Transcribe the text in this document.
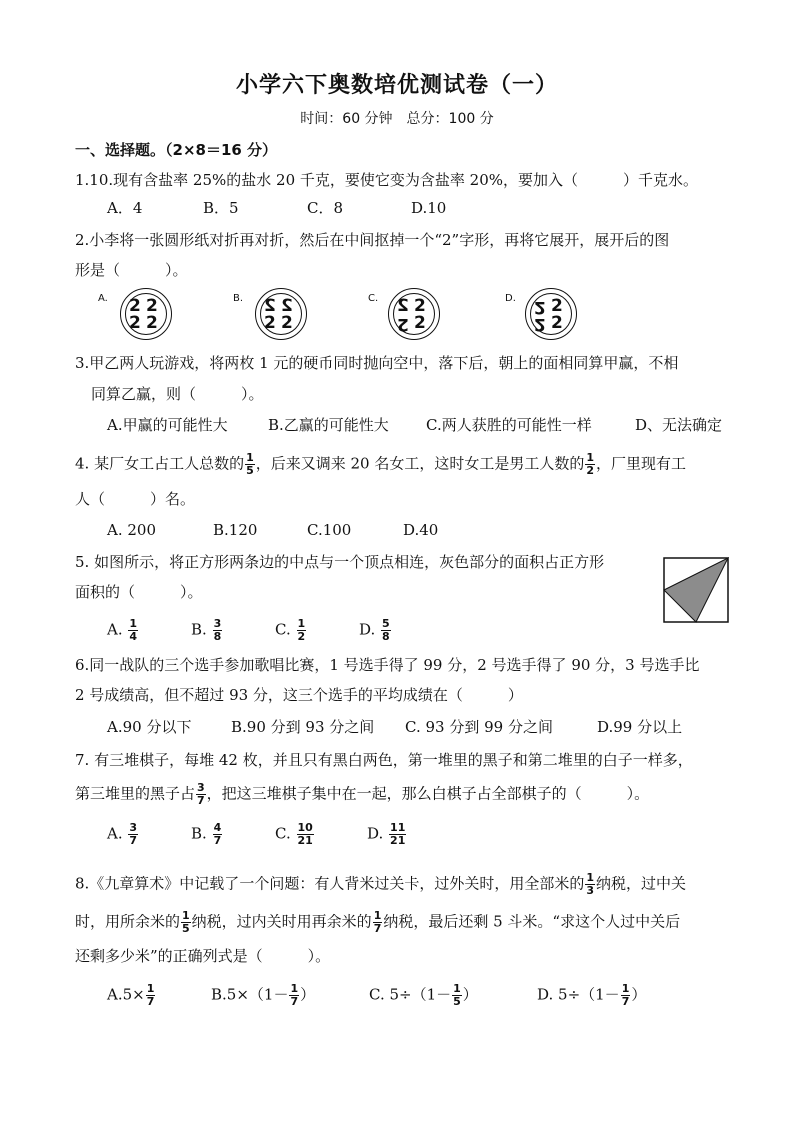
小学六下奥数培优测试卷（一）
时间：60 分钟　总分：100 分
一、选择题。（2×8＝16 分）
1.10.现有含盐率 25%的盐水 20 千克，要使它变为含盐率 20%，要加入（　　　）千克水。
A．4	B．5	C．8	D.10
2.小李将一张圆形纸对折再对折，然后在中间抠掉一个“2”字形，再将它展开，展开后的图
形是（　　　）。
A. 2 2
2 2
B. 2 2
2 2
C. 2 2
2 2
D. 2 2
2 2
3.甲乙两人玩游戏，将两枚 1 元的硬币同时抛向空中，落下后，朝上的面相同算甲赢，不相
同算乙赢，则（　　　）。
A.甲赢的可能性大	B.乙赢的可能性大 C.两人获胜的可能性一样	D、无法确定
4. 某厂女工占工人总数的 $\frac{1}{5}$ ，后来又调来 20 名女工，这时女工是男工人数的 $\frac{1}{2}$ ，厂里现有工
人（　　　）名。
A. 200	B.120	C.100	D.40
5. 如图所示，将正方形两条边的中点与一个顶点相连，灰色部分的面积占正方形
面积的（　　　）。
A. $\frac{1}{4}$	B. $\frac{3}{8}$	C. $\frac{1}{2}$	D. $\frac{5}{8}$
6.同一战队的三个选手参加歌唱比赛，1 号选手得了 99 分，2 号选手得了 90 分，3 号选手比
2 号成绩高，但不超过 93 分，这三个选手的平均成绩在（　　　）
A.90 分以下	B.90 分到 93 分之间 C. 93 分到 99 分之间	D.99 分以上
7. 有三堆棋子，每堆 42 枚，并且只有黑白两色，第一堆里的黑子和第二堆里的白子一样多，
第三堆里的黑子占 $\frac{3}{7}$ ，把这三堆棋子集中在一起，那么白棋子占全部棋子的（　　　）。
A. $\frac{3}{7}$	B. $\frac{4}{7}$	C. $\frac{10}{21}$	D. $\frac{11}{21}$
8.《九章算术》中记载了一个问题：有人背米过关卡，过外关时，用全部米的 $\frac{1}{3}$ 纳税，过中关
时，用所余米的 $\frac{1}{5}$ 纳税，过内关时用再余米的 $\frac{1}{7}$ 纳税，最后还剩 5 斗米。“求这个人过中关后
还剩多少米”的正确列式是（　　　）。
$A.5\times \frac{1}{7}$	$B.5\times(1- \frac{1}{7}$ ）	C. $5\div(1- \frac{1}{5}$ ）	D. $5\div(1- \frac{1}{7}$ ）
